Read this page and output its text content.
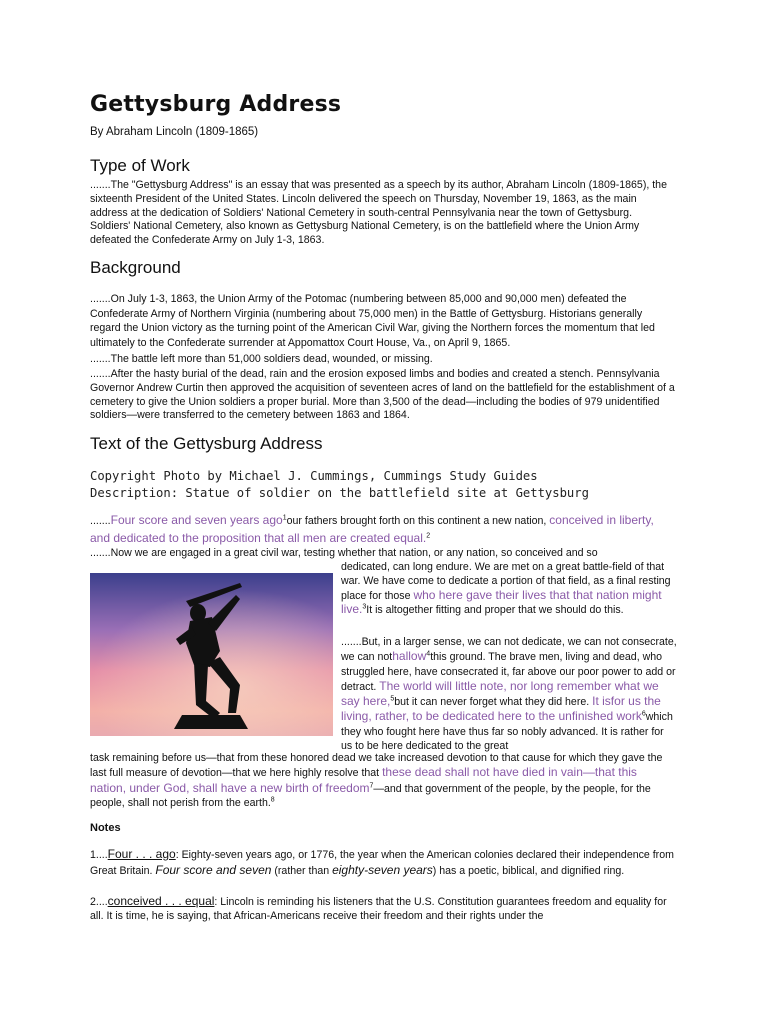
Gettysburg Address
By Abraham Lincoln (1809-1865)
Type of Work
.......The "Gettysburg Address" is an essay that was presented as a speech by its author, Abraham Lincoln (1809-1865), the sixteenth President of the United States. Lincoln delivered the speech on Thursday, November 19, 1863, as the main address at the dedication of Soldiers' National Cemetery in south-central Pennsylvania near the town of Gettysburg. Soldiers' National Cemetery, also known as Gettysburg National Cemetery, is on the battlefield where the Union Army defeated the Confederate Army on July 1-3, 1863.
Background
.......On July 1-3, 1863, the Union Army of the Potomac (numbering between 85,000 and 90,000 men) defeated the Confederate Army of Northern Virginia (numbering about 75,000 men) in the Battle of Gettysburg. Historians generally regard the Union victory as the turning point of the American Civil War, giving the Northern forces the momentum that led ultimately to the Confederate surrender at Appomattox Court House, Va., on April 9, 1865.
.......The battle left more than 51,000 soldiers dead, wounded, or missing.
.......After the hasty burial of the dead, rain and the erosion exposed limbs and bodies and created a stench. Pennsylvania Governor Andrew Curtin then approved the acquisition of seventeen acres of land on the battlefield for the establishment of a cemetery to give the Union soldiers a proper burial. More than 3,500 of the dead—including the bodies of 979 unidentified soldiers—were transferred to the cemetery between 1863 and 1864.
Text of the Gettysburg Address
Copyright Photo by Michael J. Cummings, Cummings Study Guides
Description: Statue of soldier on the battlefield site at Gettysburg
.......Four score and seven years ago$^1$our fathers brought forth on this continent a new nation, conceived in liberty, and dedicated to the proposition that all men are created equal.$^2$
.......Now we are engaged in a great civil war, testing whether that nation, or any nation, so conceived and so
dedicated, can long endure. We are met on a great battle-field of that war. We have come to dedicate a portion of that field, as a final resting place for those who here gave their lives that that nation might live.$^3$It is altogether fitting and proper that we should do this.
.......But, in a larger sense, we can not dedicate, we can not consecrate, we can nothallow$^4$this ground. The brave men, living and dead, who struggled here, have consecrated it, far above our poor power to add or detract. The world will little note, nor long remember what we say here,$^5$but it can never forget what they did here. It isfor us the living, rather, to be dedicated here to the unfinished work$^6$which they who fought here have thus far so nobly advanced. It is rather for us to be here dedicated to the great
task remaining before us—that from these honored dead we take increased devotion to that cause for which they gave the last full measure of devotion—that we here highly resolve that these dead shall not have died in vain—that this nation, under God, shall have a new birth of freedom$^7$—and that government of the people, by the people, for the people, shall not perish from the earth.$^8$
Notes
1....Four . . . ago: Eighty-seven years ago, or 1776, the year when the American colonies declared their independence from Great Britain. Four score and seven (rather than eighty-seven years) has a poetic, biblical, and dignified ring.
2....conceived . . . equal: Lincoln is reminding his listeners that the U.S. Constitution guarantees freedom and equality for all. It is time, he is saying, that African-Americans receive their freedom and their rights under the
